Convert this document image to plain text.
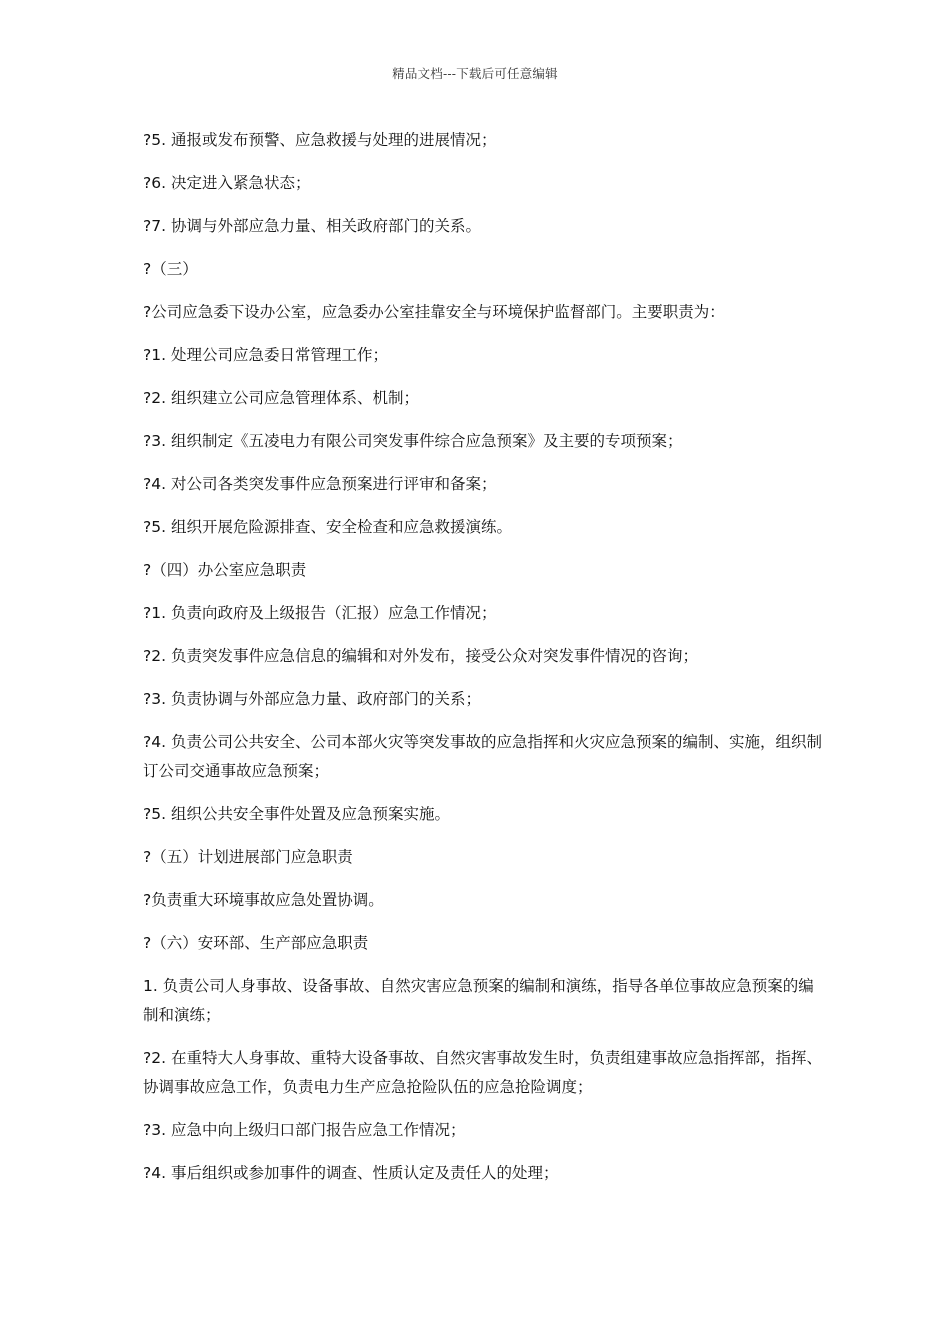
精品文档---下载后可任意编辑

?5. 通报或发布预警、应急救援与处理的进展情况；

?6. 决定进入紧急状态；

?7. 协调与外部应急力量、相关政府部门的关系。

?（三）

?公司应急委下设办公室，应急委办公室挂靠安全与环境保护监督部门。主要职责为：

?1. 处理公司应急委日常管理工作；

?2. 组织建立公司应急管理体系、机制；

?3. 组织制定《五凌电力有限公司突发事件综合应急预案》及主要的专项预案；

?4. 对公司各类突发事件应急预案进行评审和备案；

?5. 组织开展危险源排查、安全检查和应急救援演练。

?（四）办公室应急职责

?1. 负责向政府及上级报告（汇报）应急工作情况；

?2. 负责突发事件应急信息的编辑和对外发布，接受公众对突发事件情况的咨询；

?3. 负责协调与外部应急力量、政府部门的关系；

?4. 负责公司公共安全、公司本部火灾等突发事故的应急指挥和火灾应急预案的编制、实施，组织制订公司交通事故应急预案；

?5. 组织公共安全事件处置及应急预案实施。

?（五）计划进展部门应急职责

?负责重大环境事故应急处置协调。

?（六）安环部、生产部应急职责

1. 负责公司人身事故、设备事故、自然灾害应急预案的编制和演练，指导各单位事故应急预案的编制和演练；

?2. 在重特大人身事故、重特大设备事故、自然灾害事故发生时，负责组建事故应急指挥部，指挥、协调事故应急工作，负责电力生产应急抢险队伍的应急抢险调度；

?3. 应急中向上级归口部门报告应急工作情况；

?4. 事后组织或参加事件的调查、性质认定及责任人的处理；
